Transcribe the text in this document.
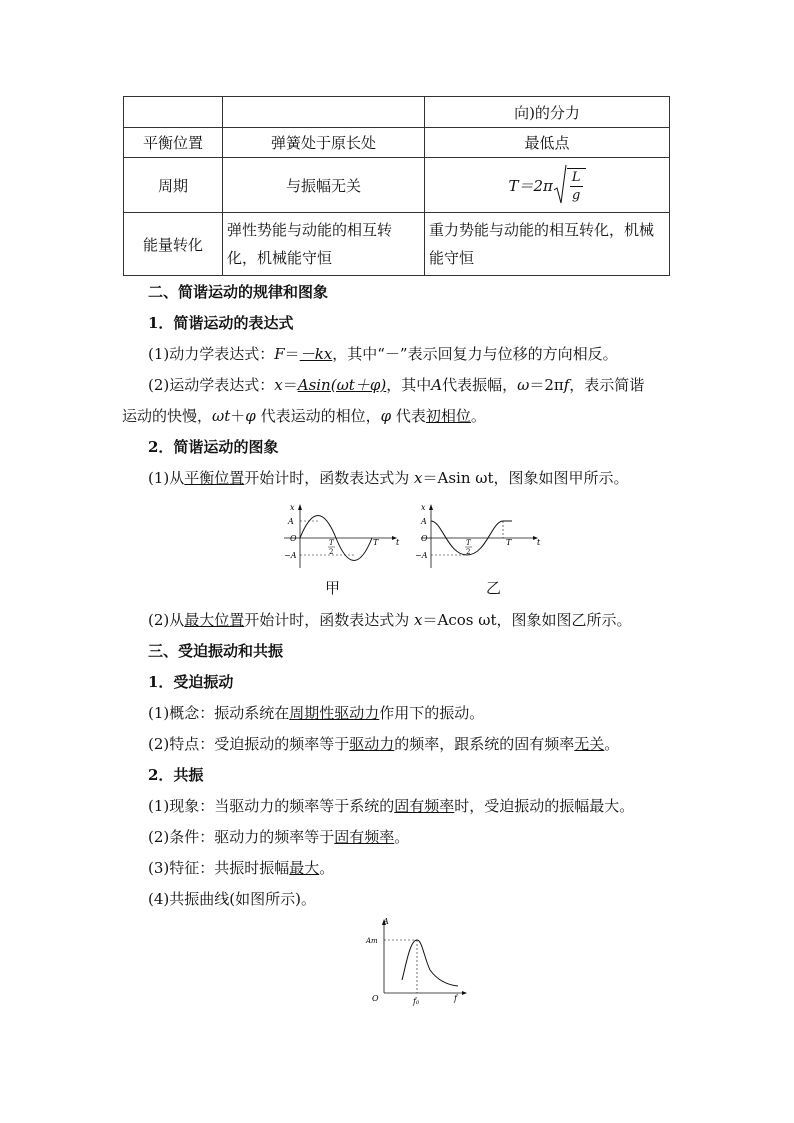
		向)的分力
平衡位置	弹簧处于原长处	最低点
周期	与振幅无关	$T=2\pi \frac{L}{g}$

能量转化	弹性势能与动能的相互转化，机械能守恒	重力势能与动能的相互转化，机械能守恒
二、简谐运动的规律和图象
1．简谐运动的表达式
(1)动力学表达式：F＝－kx，其中“－”表示回复力与位移的方向相反。
(2)运动学表达式：x＝Asin(ωt＋φ)，其中A代表振幅，ω＝2πf，表示简谐
运动的快慢，ωt＋φ 代表运动的相位，φ 代表初相位。
2．简谐运动的图象
(1)从平衡位置开始计时，函数表达式为 x＝Asin ωt，图象如图甲所示。
x
A
O
−A
T
2
T t
x
A
O
−A
T
2
T	t
甲	乙
(2)从最大位置开始计时，函数表达式为 x＝Acos ωt，图象如图乙所示。
三、受迫振动和共振
1．受迫振动
(1)概念：振动系统在周期性驱动力作用下的振动。
(2)特点：受迫振动的频率等于驱动力的频率，跟系统的固有频率无关。
2．共振
(1)现象：当驱动力的频率等于系统的固有频率时，受迫振动的振幅最大。
(2)条件：驱动力的频率等于固有频率。
(3)特征：共振时振幅最大。
(4)共振曲线(如图所示)。
A
Am
O	f₀	f
